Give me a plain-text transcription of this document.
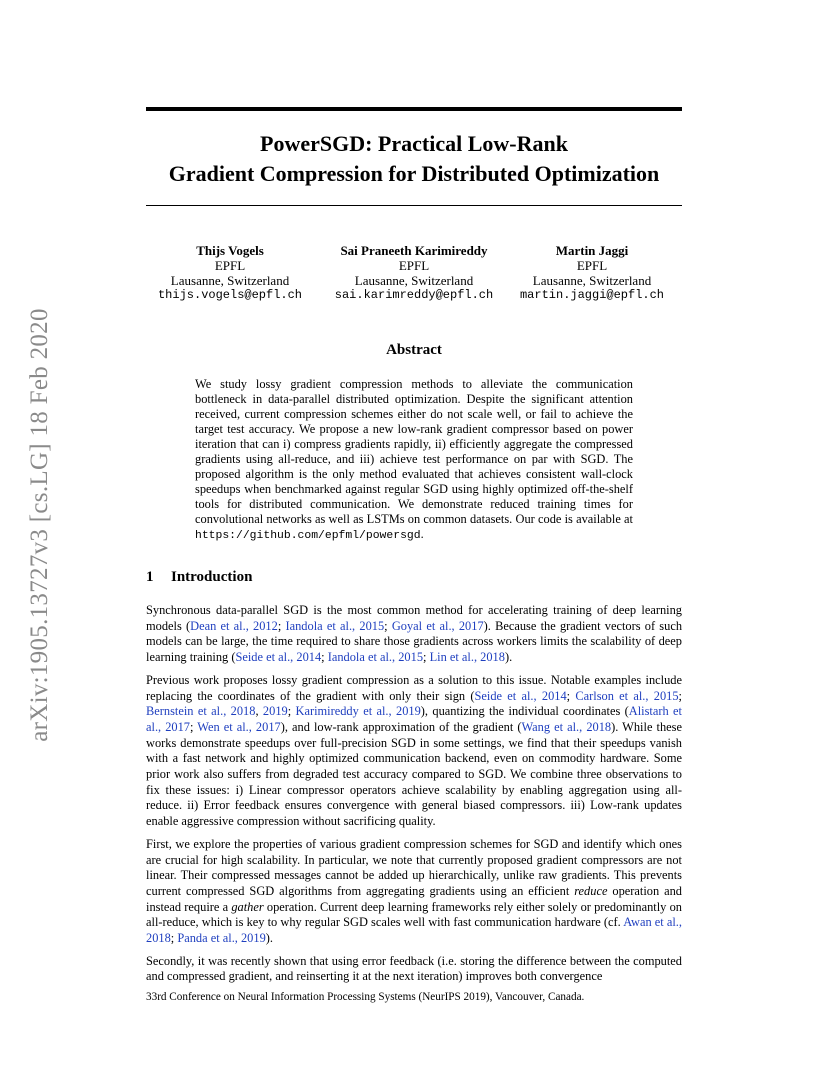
arXiv:1905.13727v3 [cs.LG] 18 Feb 2020
PowerSGD: Practical Low-Rank
Gradient Compression for Distributed Optimization
Thijs Vogels
EPFL
Lausanne, Switzerland
thijs.vogels@epfl.ch
Sai Praneeth Karimireddy
EPFL
Lausanne, Switzerland
sai.karimreddy@epfl.ch
Martin Jaggi
EPFL
Lausanne, Switzerland
martin.jaggi@epfl.ch
Abstract

We study lossy gradient compression methods to alleviate the communication bottleneck in data-parallel distributed optimization. Despite the significant attention received, current compression schemes either do not scale well, or fail to achieve the target test accuracy. We propose a new low-rank gradient compressor based on power iteration that can i) compress gradients rapidly, ii) efficiently aggregate the compressed gradients using all-reduce, and iii) achieve test performance on par with SGD. The proposed algorithm is the only method evaluated that achieves consistent wall-clock speedups when benchmarked against regular SGD using highly optimized off-the-shelf tools for distributed communication. We demonstrate reduced training times for convolutional networks as well as LSTMs on common datasets. Our code is available at https://github.com/epfml/powersgd.

1 Introduction

Synchronous data-parallel SGD is the most common method for accelerating training of deep learning models (Dean et al., 2012; Iandola et al., 2015; Goyal et al., 2017). Because the gradient vectors of such models can be large, the time required to share those gradients across workers limits the scalability of deep learning training (Seide et al., 2014; Iandola et al., 2015; Lin et al., 2018).

Previous work proposes lossy gradient compression as a solution to this issue. Notable examples include replacing the coordinates of the gradient with only their sign (Seide et al., 2014; Carlson et al., 2015; Bernstein et al., 2018, 2019; Karimireddy et al., 2019), quantizing the individual coordinates (Alistarh et al., 2017; Wen et al., 2017), and low-rank approximation of the gradient (Wang et al., 2018). While these works demonstrate speedups over full-precision SGD in some settings, we find that their speedups vanish with a fast network and highly optimized communication backend, even on commodity hardware. Some prior work also suffers from degraded test accuracy compared to SGD. We combine three observations to fix these issues: i) Linear compressor operators achieve scalability by enabling aggregation using all-reduce. ii) Error feedback ensures convergence with general biased compressors. iii) Low-rank updates enable aggressive compression without sacrificing quality.

First, we explore the properties of various gradient compression schemes for SGD and identify which ones are crucial for high scalability. In particular, we note that currently proposed gradient compressors are not linear. Their compressed messages cannot be added up hierarchically, unlike raw gradients. This prevents current compressed SGD algorithms from aggregating gradients using an efficient reduce operation and instead require a gather operation. Current deep learning frameworks rely either solely or predominantly on all-reduce, which is key to why regular SGD scales well with fast communication hardware (cf. Awan et al., 2018; Panda et al., 2019).

Secondly, it was recently shown that using error feedback (i.e. storing the difference between the computed and compressed gradient, and reinserting it at the next iteration) improves both convergence

33rd Conference on Neural Information Processing Systems (NeurIPS 2019), Vancouver, Canada.
